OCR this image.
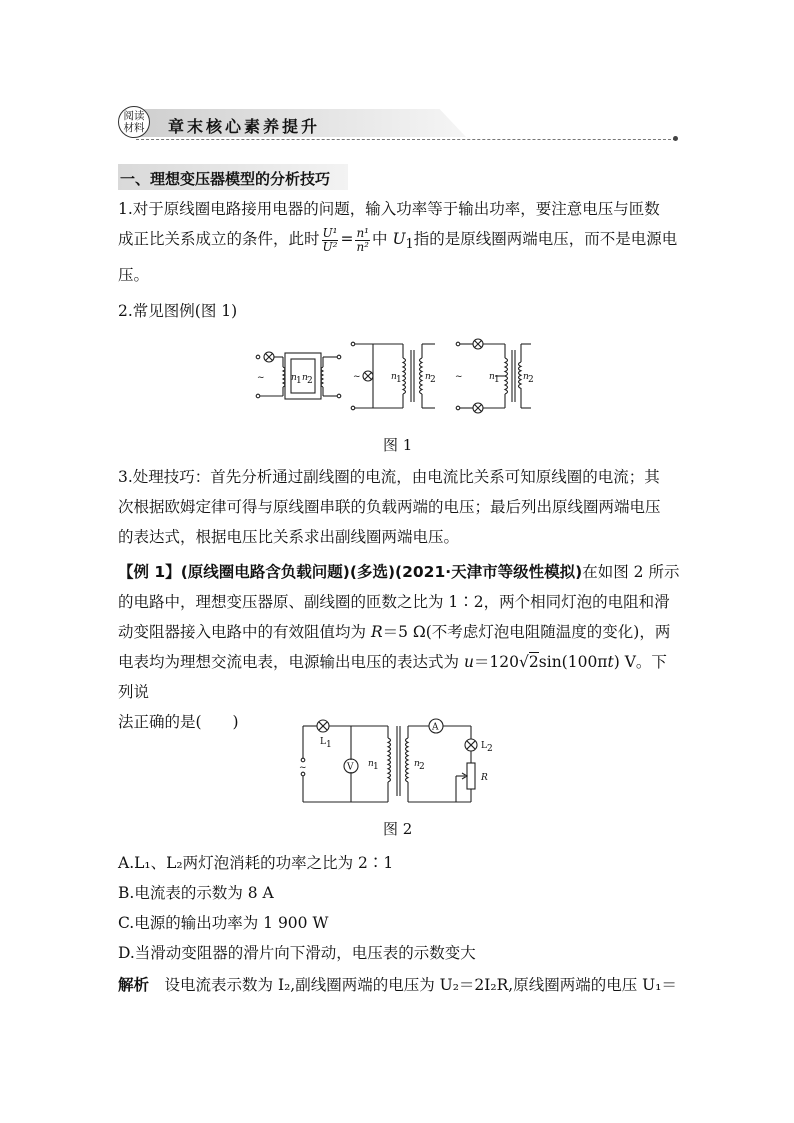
阅读
材料	章末核心素养提升
一、理想变压器模型的分析技巧
1.对于原线圈电路接用电器的问题，输入功率等于输出功率，要注意电压与匝数
成正比关系成立的条件，此时 $\frac{\text{U¹}}{\text{U²}} = \frac{\text{n¹}}{\text{n²}}$ 中 $U_1$指的是原线圈两端电压，而不是电源电
压。
2.常见图例(图 1)
~	n 1 n 2	~	n 1	n 2 ~	n 1	n 2
图 1
3.处理技巧：首先分析通过副线圈的电流，由电流比关系可知原线圈的电流；其
次根据欧姆定律可得与原线圈串联的负载两端的电压；最后列出原线圈两端电压
的表达式，根据电压比关系求出副线圈两端电压。
【例 1】(原线圈电路含负载问题)(多选)(2021·天津市等级性模拟)在如图 2 所示
的电路中，理想变压器原、副线圈的匝数之比为 1∶2，两个相同灯泡的电阻和滑
动变阻器接入电路中的有效阻值均为 R＝5 Ω(不考虑灯泡电阻随温度的变化)，两
电表均为理想交流电表，电源输出电压的表达式为 u＝120√2sin(100πt) V。下列说
法正确的是(　　)
~
L 1
V n 1	n 2
A
L 2
R
图 2
A.L₁、L₂两灯泡消耗的功率之比为 2∶1
B.电流表的示数为 8 A
C.电源的输出功率为 1 900 W
D.当滑动变阻器的滑片向下滑动，电压表的示数变大
解析　 设电流表示数为 I₂,副线圈两端的电压为 U₂＝2I₂R,原线圈两端的电压 U₁＝
